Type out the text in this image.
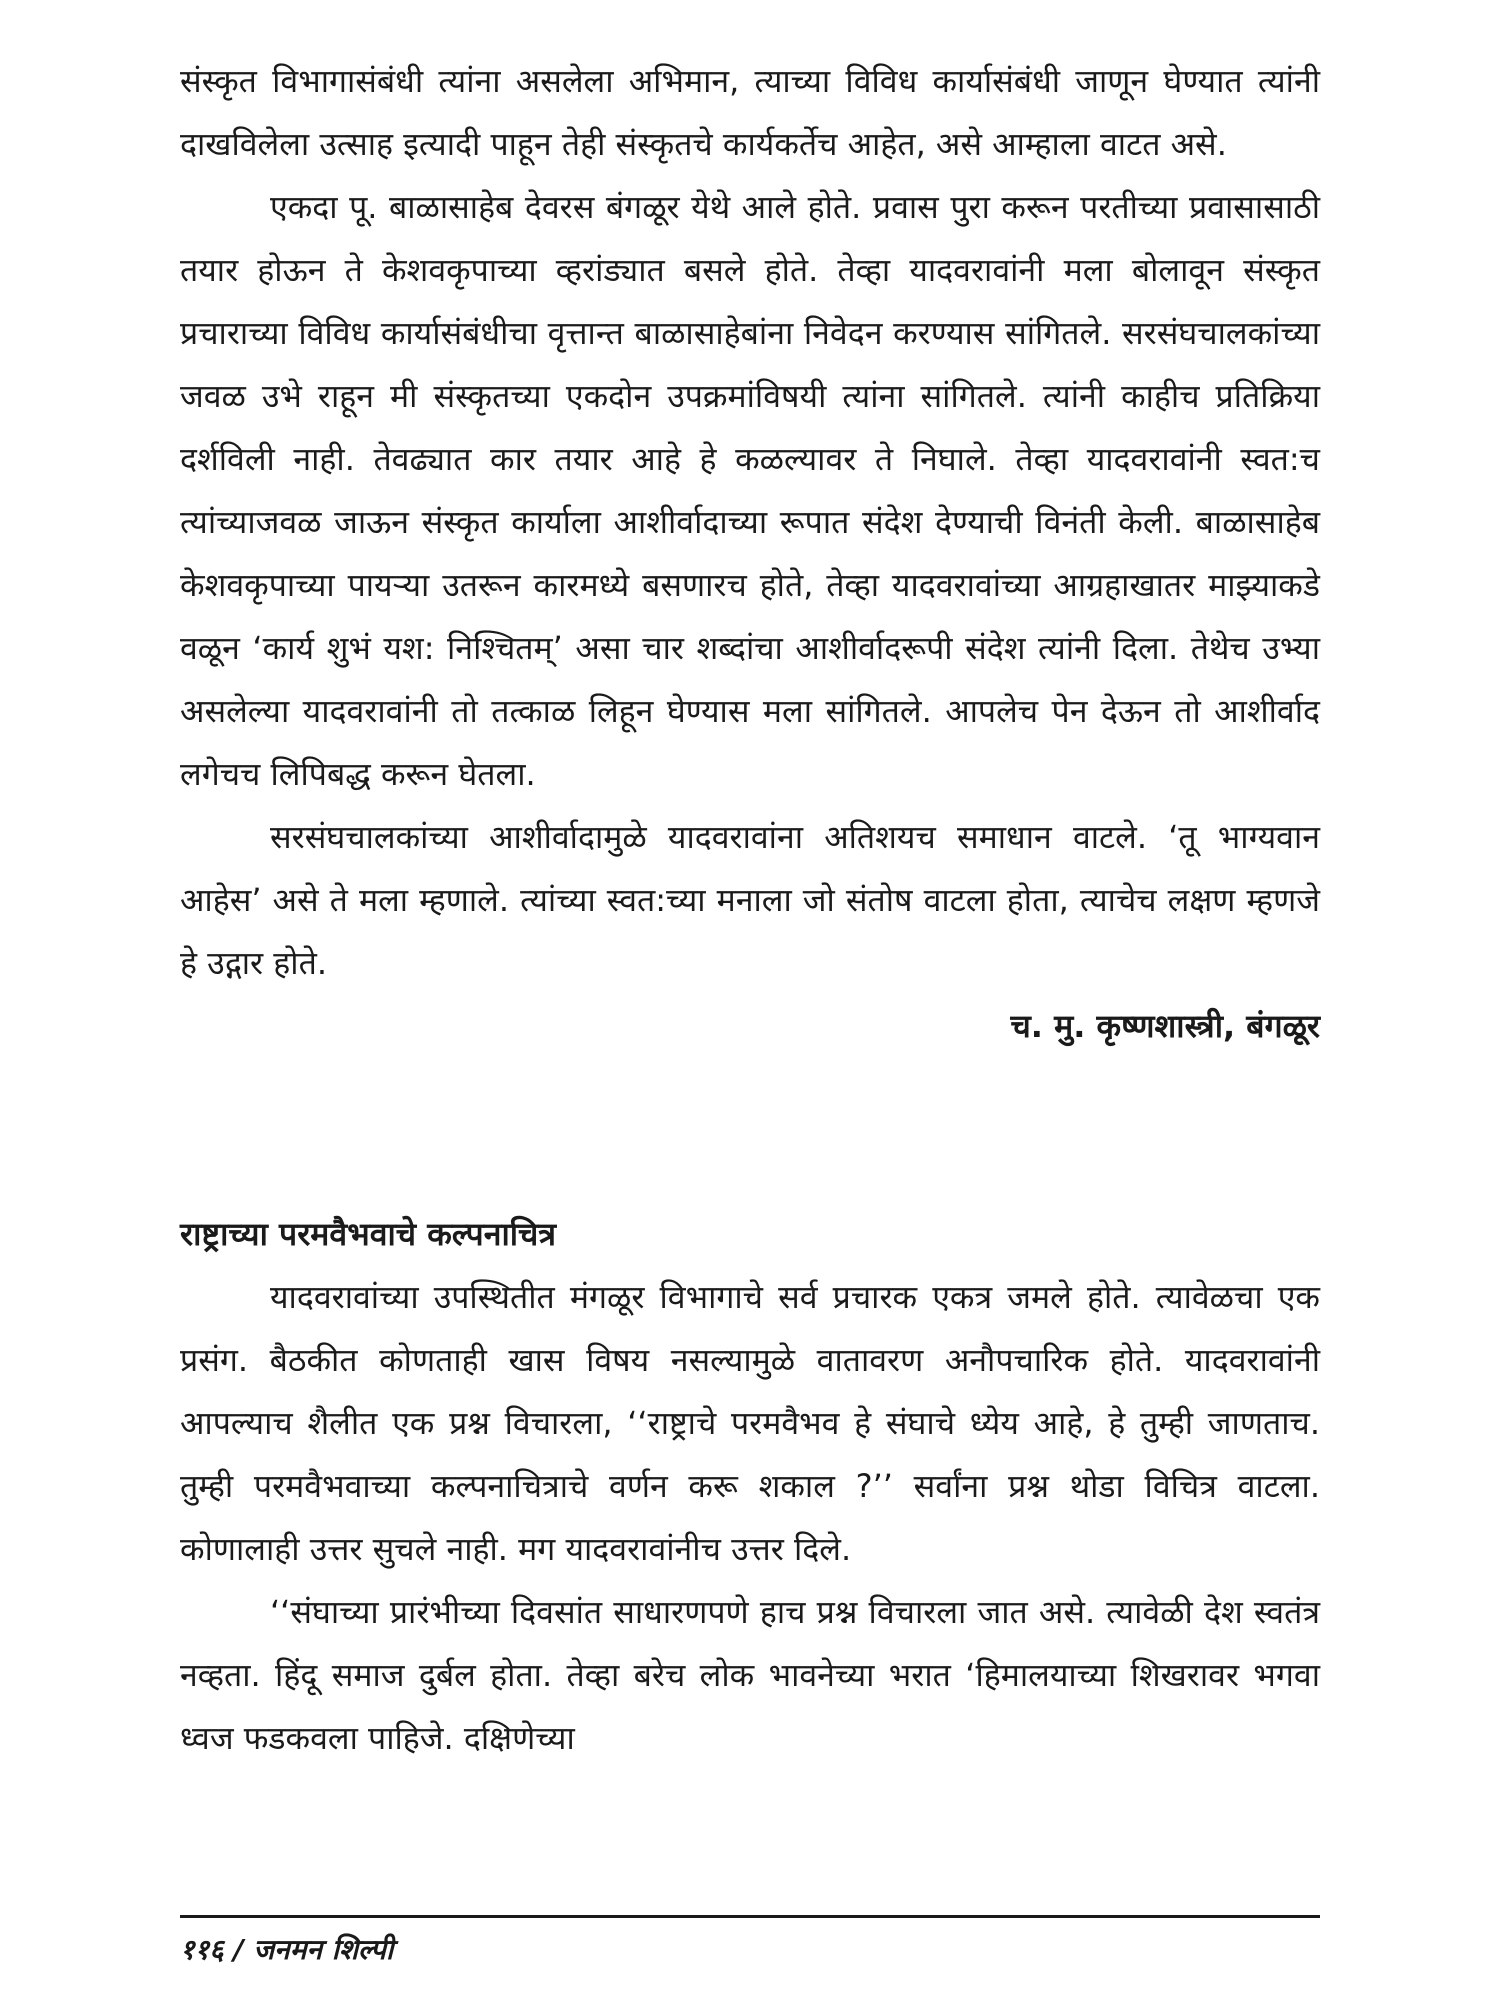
संस्कृत विभागासंबंधी त्यांना असलेला अभिमान, त्याच्या विविध कार्यासंबंधी जाणून घेण्यात त्यांनी दाखविलेला उत्साह इत्यादी पाहून तेही संस्कृतचे कार्यकर्तेच आहेत, असे आम्हाला वाटत असे.

एकदा पू. बाळासाहेब देवरस बंगळूर येथे आले होते. प्रवास पुरा करून परतीच्या प्रवासासाठी तयार होऊन ते केशवकृपाच्या व्हरांड्यात बसले होते. तेव्हा यादवरावांनी मला बोलावून संस्कृत प्रचाराच्या विविध कार्यासंबंधीचा वृत्तान्त बाळासाहेबांना निवेदन करण्यास सांगितले. सरसंघचालकांच्या जवळ उभे राहून मी संस्कृतच्या एकदोन उपक्रमांविषयी त्यांना सांगितले. त्यांनी काहीच प्रतिक्रिया दर्शविली नाही. तेवढ्यात कार तयार आहे हे कळल्यावर ते निघाले. तेव्हा यादवरावांनी स्वत:च त्यांच्याजवळ जाऊन संस्कृत कार्याला आशीर्वादाच्या रूपात संदेश देण्याची विनंती केली. बाळासाहेब केशवकृपाच्या पायऱ्या उतरून कारमध्ये बसणारच होते, तेव्हा यादवरावांच्या आग्रहाखातर माझ्याकडे वळून ‘कार्य शुभं यश: निश्चितम्’ असा चार शब्दांचा आशीर्वादरूपी संदेश त्यांनी दिला. तेथेच उभ्या असलेल्या यादवरावांनी तो तत्काळ लिहून घेण्यास मला सांगितले. आपलेच पेन देऊन तो आशीर्वाद लगेचच लिपिबद्ध करून घेतला.

सरसंघचालकांच्या आशीर्वादामुळे यादवरावांना अतिशयच समाधान वाटले. ‘तू भाग्यवान आहेस’ असे ते मला म्हणाले. त्यांच्या स्वत:च्या मनाला जो संतोष वाटला होता, त्याचेच लक्षण म्हणजे हे उद्गार होते.

च. मु. कृष्णशास्त्री, बंगळूर

राष्ट्राच्या परमवैभवाचे कल्पनाचित्र

यादवरावांच्या उपस्थितीत मंगळूर विभागाचे सर्व प्रचारक एकत्र जमले होते. त्यावेळचा एक प्रसंग. बैठकीत कोणताही खास विषय नसल्यामुळे वातावरण अनौपचारिक होते. यादवरावांनी आपल्याच शैलीत एक प्रश्न विचारला, ‘‘राष्ट्राचे परमवैभव हे संघाचे ध्येय आहे, हे तुम्ही जाणताच. तुम्ही परमवैभवाच्या कल्पनाचित्राचे वर्णन करू शकाल ?’’ सर्वांना प्रश्न थोडा विचित्र वाटला. कोणालाही उत्तर सुचले नाही. मग यादवरावांनीच उत्तर दिले.

‘‘संघाच्या प्रारंभीच्या दिवसांत साधारणपणे हाच प्रश्न विचारला जात असे. त्यावेळी देश स्वतंत्र नव्हता. हिंदू समाज दुर्बल होता. तेव्हा बरेच लोक भावनेच्या भरात ‘हिमालयाच्या शिखरावर भगवा ध्वज फडकवला पाहिजे. दक्षिणेच्या

११६ / जनमन शिल्पी
